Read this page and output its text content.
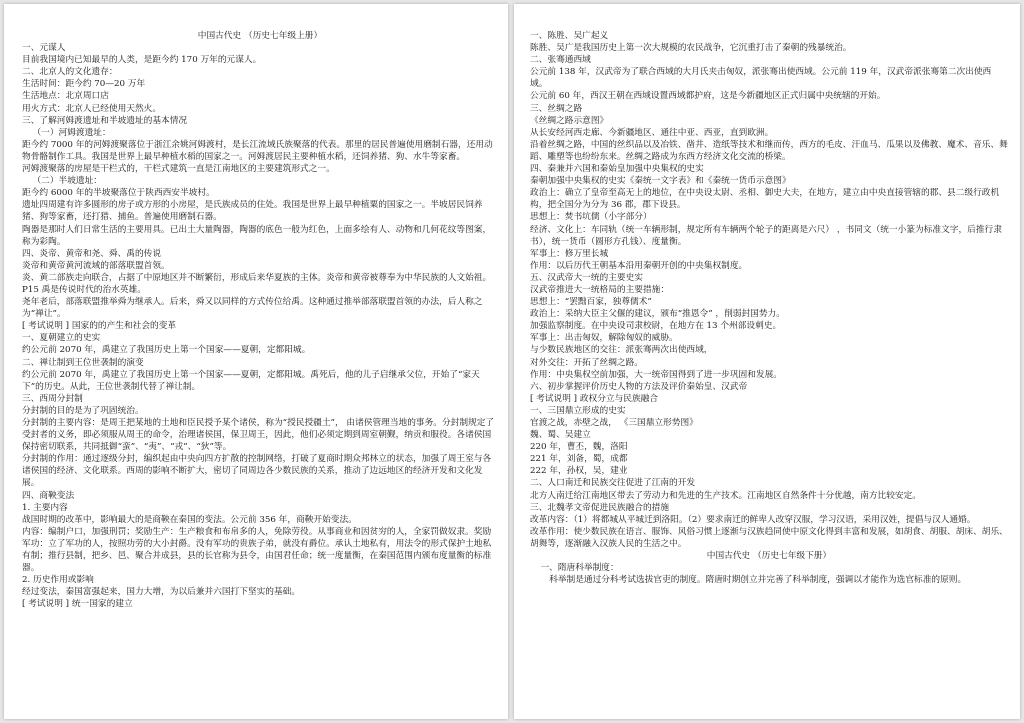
中国古代史 （历史七年级上册）

一、元谋人

目前我国境内已知最早的人类，是距今约 170 万年的元谋人。

二、北京人的文化遗存：

生活时间：距今约 70—20 万年

生活地点：北京周口店

用火方式：北京人已经使用天然火。

三、了解河姆渡遗址和半坡遗址的基本情况

（一）河姆渡遗址：

距今约 7000 年的河姆渡聚落位于浙江余姚河姆渡村，是长江流域氏族聚落的代表。那里的居民普遍使用磨制石器，还用动物骨骼制作工具。我国是世界上最早种植水稻的国家之一。河姆渡居民主要种植水稻，还饲养猪、狗、水牛等家畜。

河姆渡聚落的房屋是干栏式的，干栏式建筑一直是江南地区的主要建筑形式之一。

（二）半坡遗址：

距今约 6000 年的半坡聚落位于陕西西安半坡村。

遗址四周建有许多圆形的房子或方形的小房屋，是氏族成员的住处。我国是世界上最早种植粟的国家之一。半坡居民饲养猪、狗等家畜，还打猎、捕鱼。普遍使用磨制石器。

陶器是那时人们日常生活的主要用具。已出土大量陶器，陶器的底色一般为红色，上面多绘有人、动物和几何花纹等图案，称为彩陶。

四、炎帝、黄帝和尧、舜、禹的传说

炎帝和黄帝黄河流域的部落联盟首领。

炎、黄二部族走向联合，占据了中原地区并不断繁衍，形成后来华夏族的主体。炎帝和黄帝被尊奉为中华民族的人文始祖。 P15 禹是传说时代的治水英雄。

尧年老后，部落联盟推举舜为继承人。后来，舜又以同样的方式传位给禹。这种通过推举部落联盟首领的办法，后人称之为“禅让”。

[ 考试说明 ] 国家的的产生和社会的变革

一、夏朝建立的史实

约公元前 2070 年，禹建立了我国历史上第一个国家——夏朝，定都阳城。

二、禅让制到王位世袭制的演变

约公元前 2070 年，禹建立了我国历史上第一个国家——夏朝，定都阳城。禹死后，他的儿子启继承父位，开始了“家天下”的历史。从此，王位世袭制代替了禅让制。

三、西周分封制

分封制的目的是为了巩固统治。

分封制的主要内容：是周王把某地的土地和臣民授予某个诸侯，称为“授民授疆土”， 由诸侯管理当地的事务。分封制规定了受封者的义务，即必须服从周王的命令，治理诸侯国，保卫周王，因此，他们必须定期到周室朝觐，纳贡和服役。各诸侯国保持密切联系，共同抵御“蛮”、“夷”、“戎”、“狄”等。

分封制的作用：通过逐级分封，编织起由中央向四方扩散的控制网络，打破了夏商时期众邦林立的状态，加强了周王室与各诸侯国的经济、文化联系。西周的影响不断扩大，密切了同周边各少数民族的关系，推动了边远地区的经济开发和文化发展。

四、商鞅变法

1. 主要内容

战国时期的改革中，影响最大的是商鞅在秦国的变法。公元前 356 年，商鞅开始变法。

内容：编制户口，加强刑罚；奖励生产：生产粮食和布帛多的人，免除劳役。从事商业和因贫穷的人，全家罚做奴隶。奖励军功：立了军功的人，按照功劳的大小封爵。没有军功的贵族子弟，就没有爵位。承认土地私有，用法令的形式保护土地私有制；推行县制，把乡、邑、聚合并成县，县的长官称为县令，由国君任命；统一度量衡，在秦国范围内颁布度量衡的标准器。

2. 历史作用或影响

经过变法，秦国富强起来，国力大增，为以后兼并六国打下坚实的基础。

[ 考试说明 ] 统一国家的建立

一、陈胜、吴广起义

陈胜、吴广是我国历史上第一次大规模的农民战争，它沉重打击了秦朝的残暴统治。

二、张骞通西域

公元前 138 年，汉武帝为了联合西域的大月氏夹击匈奴，派张骞出使西域。公元前 119 年，汉武帝派张骞第二次出使西域。

公元前 60 年，西汉王朝在西域设置西域都护府，这是今新疆地区正式归属中央统辖的开始。

三、丝绸之路

《丝绸之路示意图》

从长安经河西走廊、今新疆地区、通往中亚、西亚，直到欧洲。

沿着丝绸之路，中国的丝织品以及冶铁、凿井、造纸等技术和继而传，西方的毛皮、汗血马、瓜果以及佛教、魔术、音乐、舞蹈、雕塑等也纷纷东来。丝绸之路成为东西方经济文化交流的桥梁。

四、秦兼并六国和秦始皇加强中央集权的史实

秦朝加强中央集权的史实《秦统一文字表》和《秦统一货币示意图》

政治上：确立了皇帝至高无上的地位，在中央设太尉、丞相、御史大夫，在地方，建立由中央直接管辖的郡、县二级行政机构，把全国分为分为 36 郡，郡下设县。

思想上：焚书坑儒（小字部分）

经济、文化上：车同轨（统一车辆形制，规定所有车辆两个轮子的距离是六尺） ，书同文（统一小篆为标准文字，后推行隶书），统一货币（圆形方孔钱）、度量衡。

军事上：修万里长城

作用：以后历代王朝基本沿用秦朝开创的中央集权制度。

五、汉武帝大一统的主要史实

汉武帝推进大一统格局的主要措施：

思想上：“罢黜百家，独尊儒术”

政治上：采纳大臣主父偃的建议，颁布“推恩令” ，削弱封国势力。

加强监察制度。在中央设司隶校尉，在地方在 13 个州部设刺史。

军事上：出击匈奴，解除匈奴的威胁。

与少数民族地区的交往：派张骞两次出使西域，

对外交往：开拓了丝绸之路。

作用：中央集权空前加强，大一统帝国得到了进一步巩固和发展。

六、初步掌握评价历史人物的方法及评价秦始皇、汉武帝

[ 考试说明 ] 政权分立与民族融合

一、三国鼎立形成的史实

官渡之战，赤壁之战， 《三国鼎立形势图》

魏、蜀、吴建立

220 年，曹丕，魏，洛阳

221 年，刘备，蜀，成都

222 年，孙权，吴，建业

二、人口南迁和民族交往促进了江南的开发

北方人南迁给江南地区带去了劳动力和先进的生产技术。江南地区自然条件十分优越，南方比较安定。

三、北魏孝文帝促进民族融合的措施

改革内容：（1）将都城从平城迁到洛阳。（2）要求南迁的鲜卑人改穿汉服，学习汉语，采用汉姓，提倡与汉人通婚。

改革作用：使少数民族在语言、服饰、风俗习惯上逐渐与汉族趋同使中原文化得到丰富和发展，如胡食、胡服、胡床、胡乐、胡舞等，逐渐融入汉族人民的生活之中。

中国古代史 （历史七年级下册）

一、隋唐科举制度：

科举制是通过分科考试选拔官吏的制度。隋唐时期创立并完善了科举制度，强调以才能作为选官标准的原则。
